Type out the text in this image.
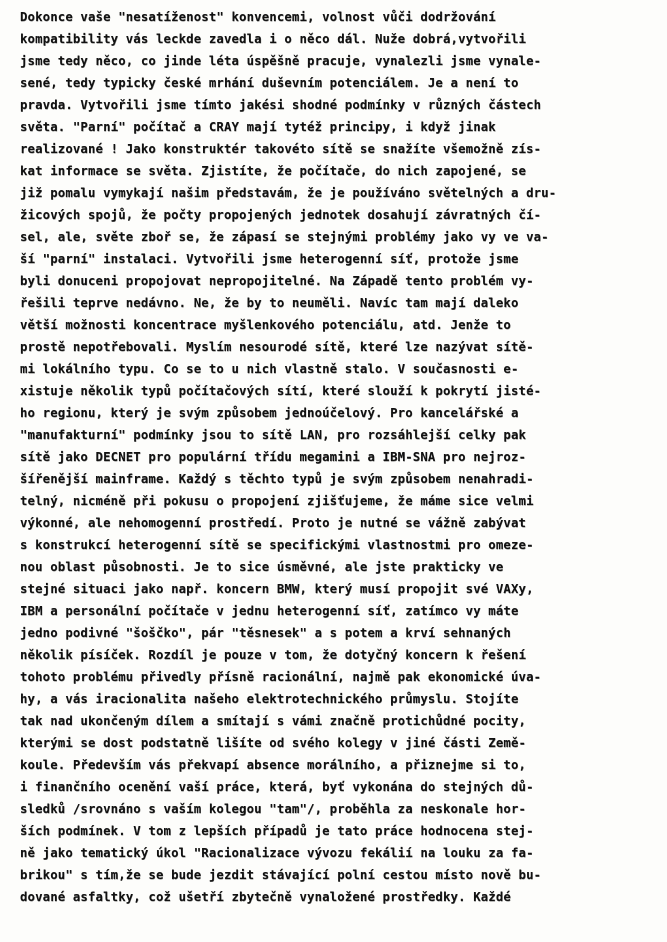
Dokonce vaše "nesatíženost" konvencemi, volnost vůči dodržování
kompatibility vás leckde zavedla i o něco dál. Nuže dobrá,vytvořili
jsme tedy něco, co jinde léta úspěšně pracuje, vynalezli jsme vynale-
sené, tedy typicky české mrhání duševním potenciálem. Je a není to
pravda. Vytvořili jsme tímto jakési shodné podmínky v různých částech
světa. "Parní" počítač a CRAY mají tytéž principy, i když jinak
realizované ! Jako konstruktér takovéto sítě se snažíte všemožně zís-
kat informace se světa. Zjistíte, že počítače, do nich zapojené, se
již pomalu vymykají našim představám, že je používáno světelných a dru-
žicových spojů, že počty propojených jednotek dosahují závratných čí-
sel, ale, světe zboř se, že zápasí se stejnými problémy jako vy ve va-
ší "parní" instalaci. Vytvořili jsme heterogenní síť, protože jsme
byli donuceni propojovat nepropojitelné. Na Západě tento problém vy-
řešili teprve nedávno. Ne, že by to neuměli. Navíc tam mají daleko
větší možnosti koncentrace myšlenkového potenciálu, atd. Jenže to
prostě nepotřebovali. Myslím nesourodé sítě, které lze nazývat sítě-
mi lokálního typu. Co se to u nich vlastně stalo. V současnosti e-
xistuje několik typů počítačových sítí, které slouží k pokrytí jisté-
ho regionu, který je svým způsobem jednoúčelový. Pro kancelářské a
"manufakturní" podmínky jsou to sítě LAN, pro rozsáhlejší celky pak
sítě jako DECNET pro populární třídu megamini a IBM-SNA pro nejroz-
šířenější mainframe. Každý s těchto typů je svým způsobem nenahradi-
telný, nicméně při pokusu o propojení zjišťujeme, že máme sice velmi
výkonné, ale nehomogenní prostředí. Proto je nutné se vážně zabývat
s konstrukcí heterogenní sítě se specifickými vlastnostmi pro omeze-
nou oblast působnosti. Je to sice úsměvné, ale jste prakticky ve
stejné situaci jako např. koncern BMW, který musí propojit své VAXy,
IBM a personální počítače v jednu heterogenní síť, zatímco vy máte
jedno podivné "šoščko", pár "těsnesek" a s potem a krví sehnaných
několik písíček. Rozdíl je pouze v tom, že dotyčný koncern k řešení
tohoto problému přivedly přísně racionální, najmě pak ekonomické úva-
hy, a vás iracionalita našeho elektrotechnického průmyslu. Stojíte
tak nad ukončeným dílem a smítají s vámi značně protichůdné pocity,
kterými se dost podstatně lišíte od svého kolegy v jiné části Země-
koule. Především vás překvapí absence morálního, a přiznejme si to,
i finančního ocenění vaší práce, která, byť vykonána do stejných dů-
sledků /srovnáno s vaším kolegou "tam"/, proběhla za neskonale hor-
ších podmínek. V tom z lepších případů je tato práce hodnocena stej-
ně jako tematický úkol "Racionalizace vývozu fekálií na louku za fa-
brikou" s tím,že se bude jezdit stávající polní cestou místo nově bu-
dované asfaltky, což ušetří zbytečně vynaložené prostředky. Každé
